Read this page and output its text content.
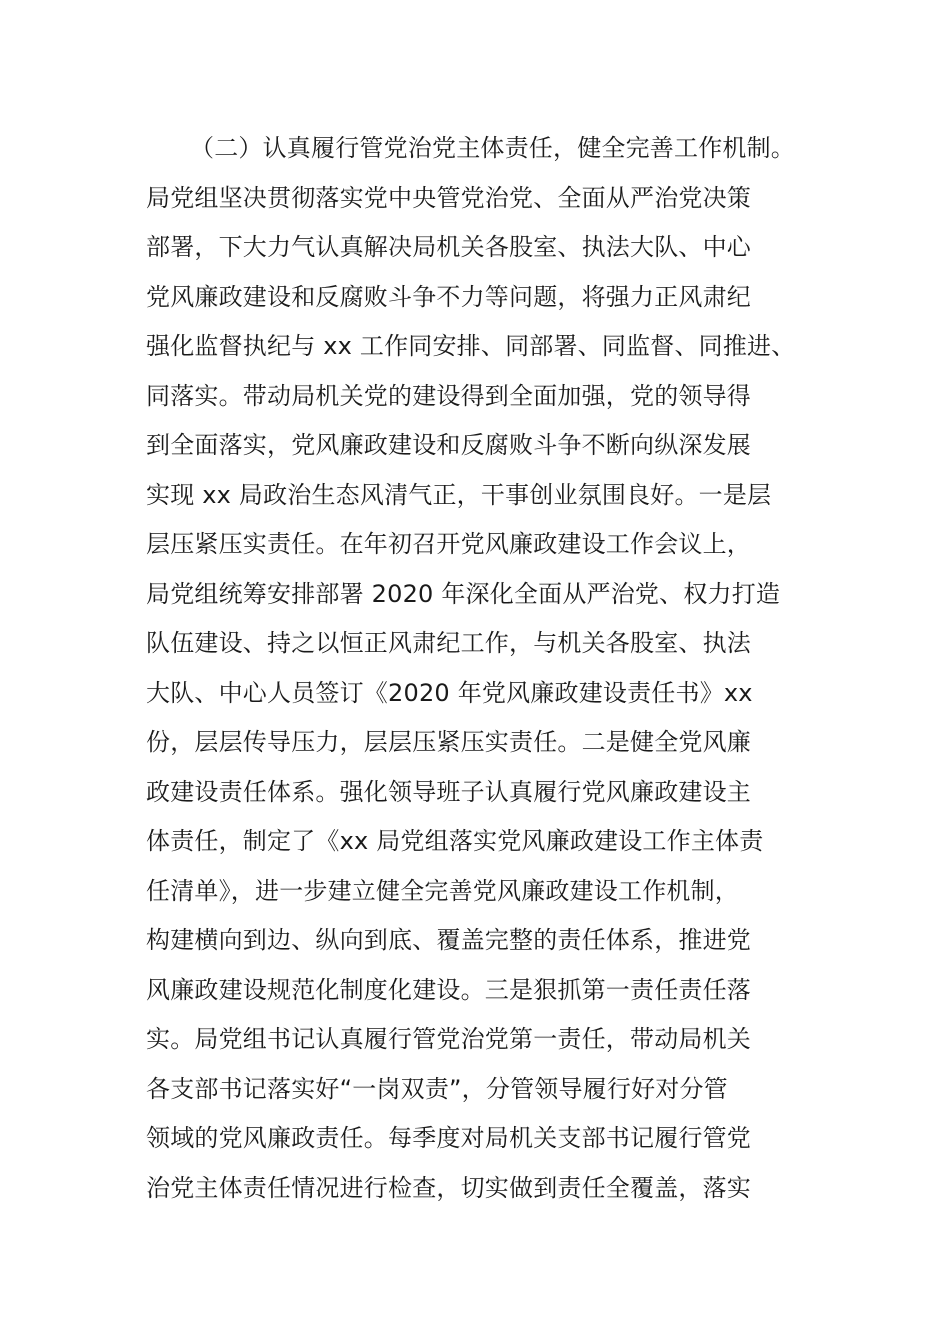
（二）认真履行管党治党主体责任，健全完善工作机制。
局党组坚决贯彻落实党中央管党治党、全面从严治党决策
部署，下大力气认真解决局机关各股室、执法大队、中心
党风廉政建设和反腐败斗争不力等问题，将强力正风肃纪
强化监督执纪与 xx 工作同安排、同部署、同监督、同推进、
同落实。带动局机关党的建设得到全面加强，党的领导得
到全面落实，党风廉政建设和反腐败斗争不断向纵深发展
实现 xx 局政治生态风清气正，干事创业氛围良好。一是层
层压紧压实责任。在年初召开党风廉政建设工作会议上，
局党组统筹安排部署 2020 年深化全面从严治党、权力打造
队伍建设、持之以恒正风肃纪工作，与机关各股室、执法
大队、中心人员签订《2020 年党风廉政建设责任书》xx
份，层层传导压力，层层压紧压实责任。二是健全党风廉
政建设责任体系。强化领导班子认真履行党风廉政建设主
体责任，制定了《xx 局党组落实党风廉政建设工作主体责
任清单》，进一步建立健全完善党风廉政建设工作机制，
构建横向到边、纵向到底、覆盖完整的责任体系，推进党
风廉政建设规范化制度化建设。三是狠抓第一责任责任落
实。局党组书记认真履行管党治党第一责任，带动局机关
各支部书记落实好“一岗双责”，分管领导履行好对分管
领域的党风廉政责任。每季度对局机关支部书记履行管党
治党主体责任情况进行检查，切实做到责任全覆盖，落实
